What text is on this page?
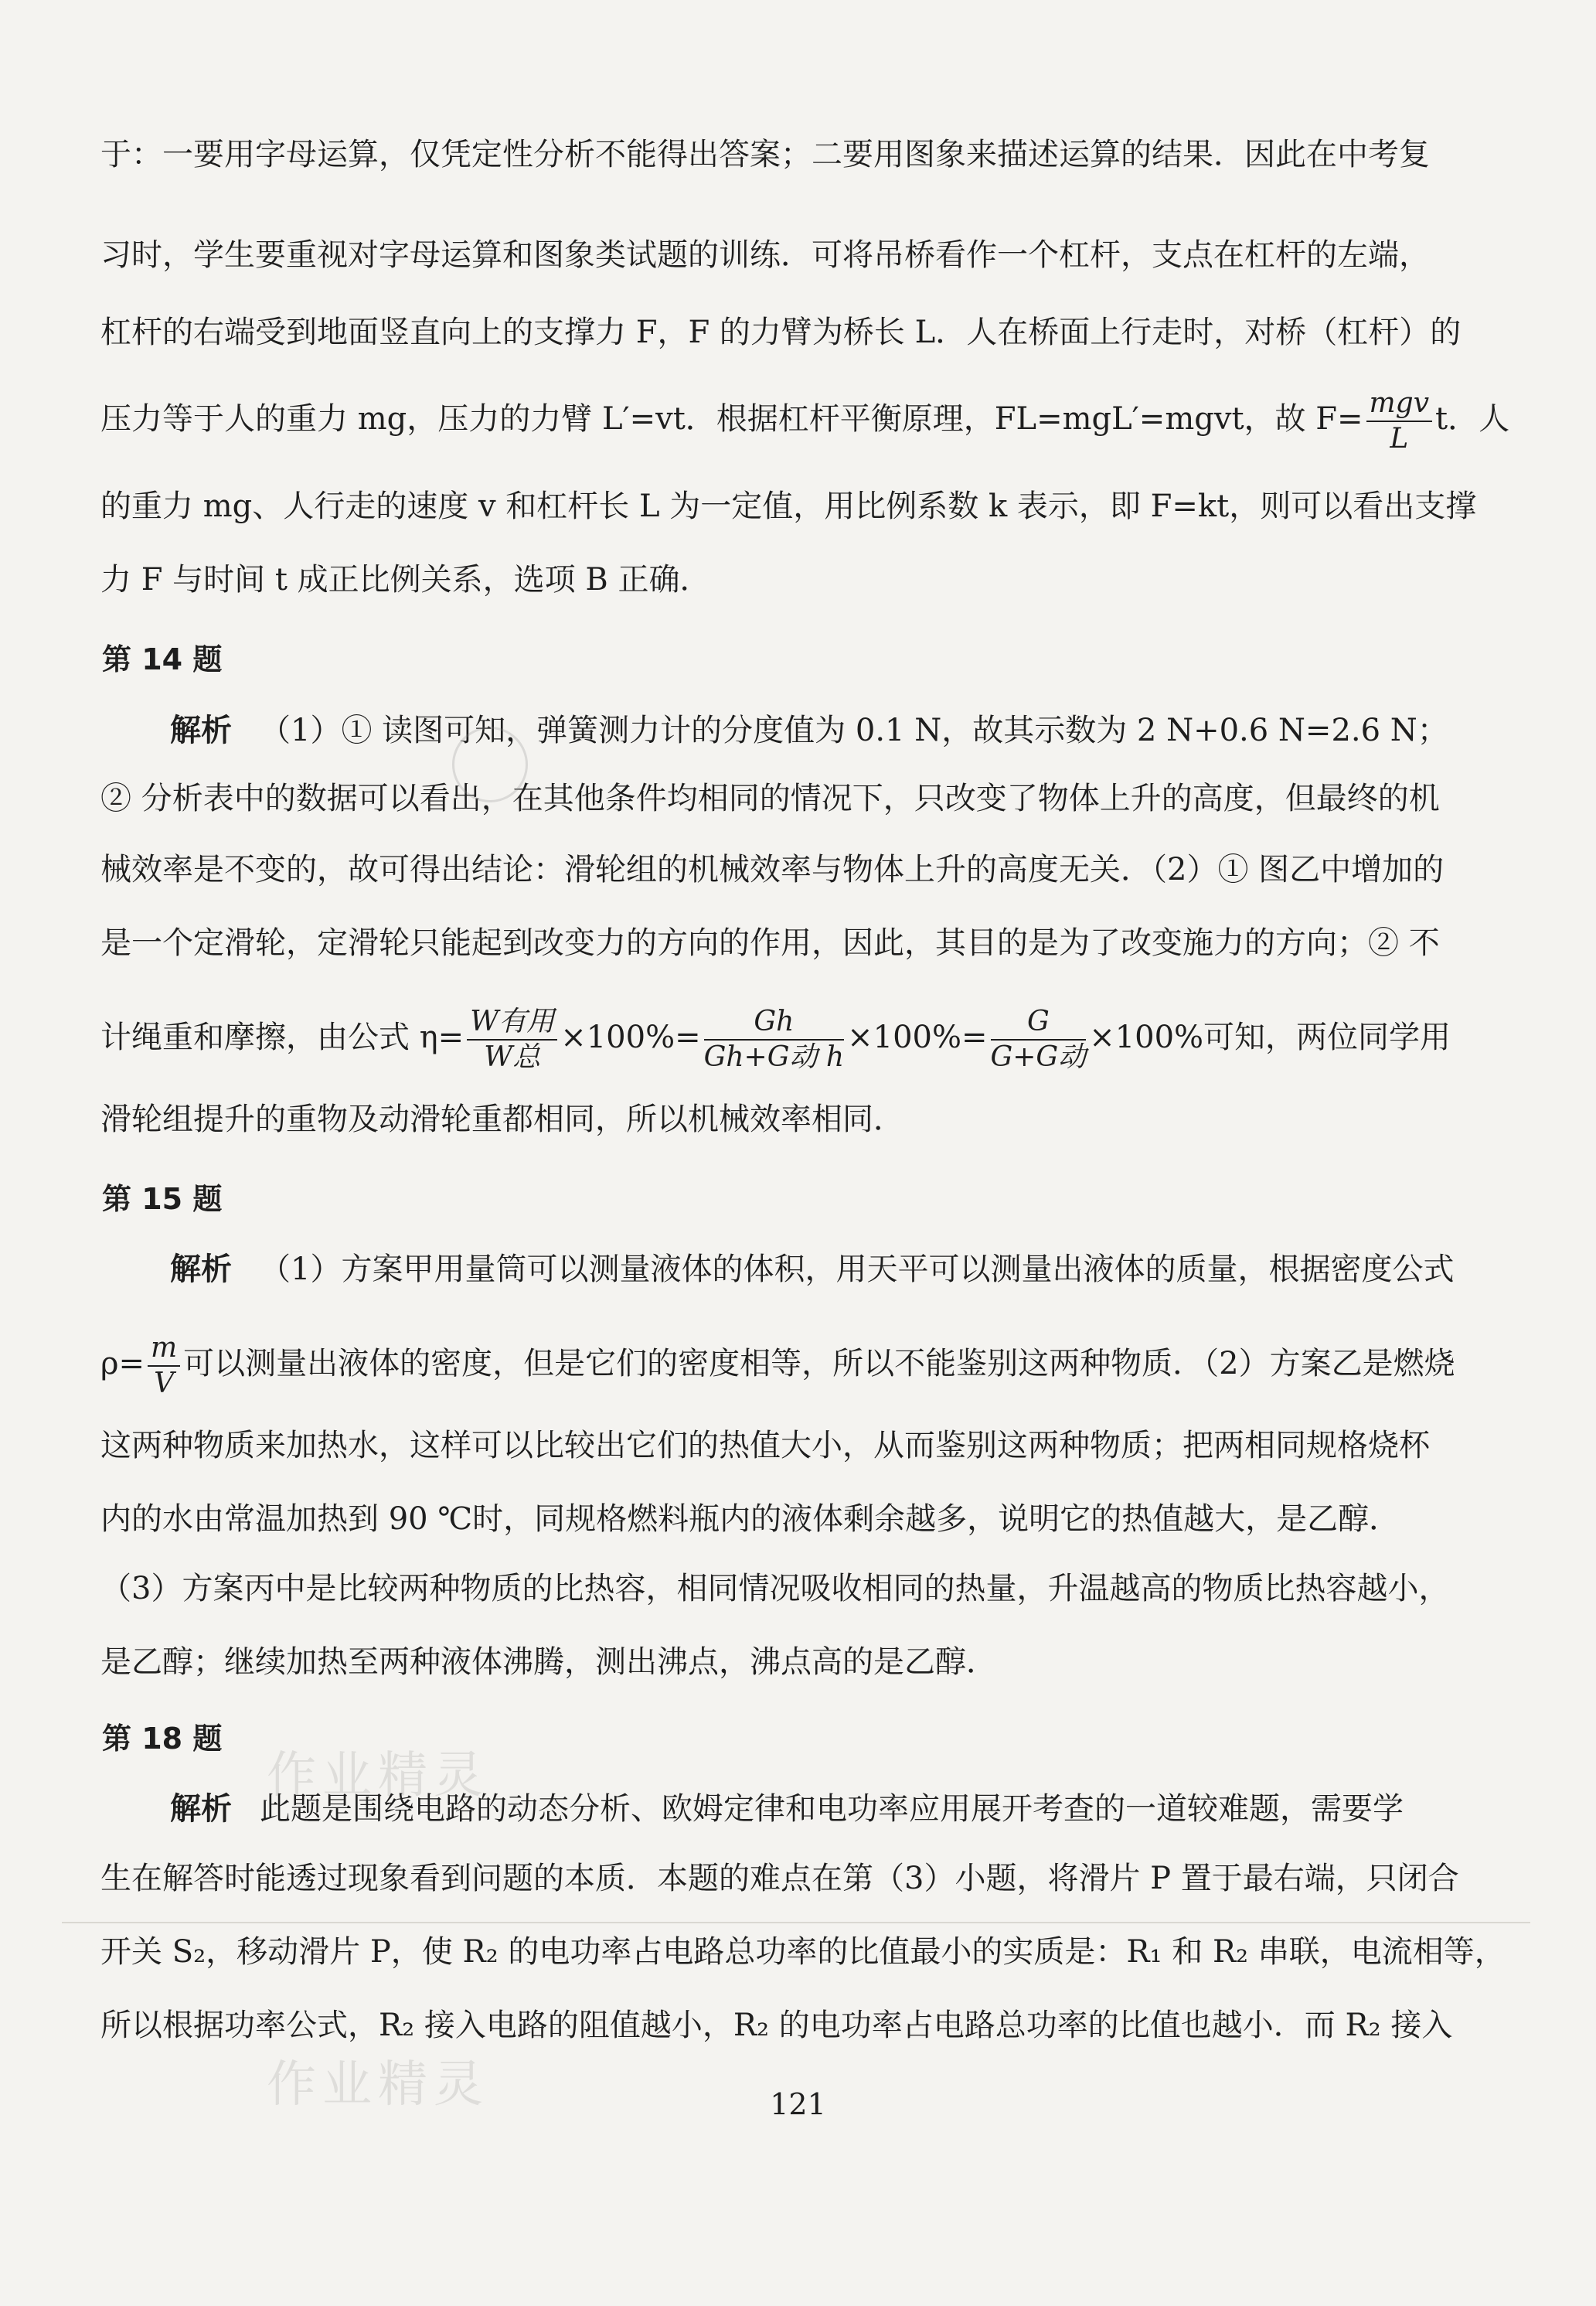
于：一要用字母运算，仅凭定性分析不能得出答案；二要用图象来描述运算的结果．因此在中考复
习时，学生要重视对字母运算和图象类试题的训练．可将吊桥看作一个杠杆，支点在杠杆的左端，
杠杆的右端受到地面竖直向上的支撑力 F，F 的力臂为桥长 L．人在桥面上行走时，对桥（杠杆）的
压力等于人的重力 mg，压力的力臂 L′=vt．根据杠杆平衡原理，FL=mgL′=mgvt，故 $F= \frac{\text{mgv}}{L}$ t．人
的重力 mg、人行走的速度 v 和杠杆长 L 为一定值，用比例系数 k 表示，即 F=kt，则可以看出支撑
力 F 与时间 t 成正比例关系，选项 B 正确．
第 14 题
解析 （1）① 读图可知，弹簧测力计的分度值为 0.1 N，故其示数为 2 N+0.6 N=2.6 N；
② 分析表中的数据可以看出，在其他条件均相同的情况下，只改变了物体上升的高度，但最终的机
械效率是不变的，故可得出结论：滑轮组的机械效率与物体上升的高度无关．（2）① 图乙中增加的
是一个定滑轮，定滑轮只能起到改变力的方向的作用，因此，其目的是为了改变施力的方向；② 不
计绳重和摩擦，由公式 $\eta= \frac{\text{W有用}}{\text{W总}} \times 100\%= \frac{Gh}{\text{Gh+G动 h}} \times 100\%= \frac{G}{\text{G+G动}} \times 100\%$可知，两位同学用
滑轮组提升的重物及动滑轮重都相同，所以机械效率相同．
第 15 题
解析 （1）方案甲用量筒可以测量液体的体积，用天平可以测量出液体的质量，根据密度公式
$\rho= \frac{m}{V}$ 可以测量出液体的密度，但是它们的密度相等，所以不能鉴别这两种物质．（2）方案乙是燃烧
这两种物质来加热水，这样可以比较出它们的热值大小，从而鉴别这两种物质；把两相同规格烧杯
内的水由常温加热到 90 ℃时，同规格燃料瓶内的液体剩余越多，说明它的热值越大，是乙醇．
（3）方案丙中是比较两种物质的比热容，相同情况吸收相同的热量，升温越高的物质比热容越小，
是乙醇；继续加热至两种液体沸腾，测出沸点，沸点高的是乙醇．
第 18 题
解析 此题是围绕电路的动态分析、欧姆定律和电功率应用展开考查的一道较难题，需要学
生在解答时能透过现象看到问题的本质．本题的难点在第（3）小题，将滑片 P 置于最右端，只闭合
开关 S₂，移动滑片 P，使 R₂ 的电功率占电路总功率的比值最小的实质是：R₁ 和 R₂ 串联，电流相等，
所以根据功率公式，R₂ 接入电路的阻值越小，R₂ 的电功率占电路总功率的比值也越小．而 R₂ 接入
作业精灵
作业精灵	121
